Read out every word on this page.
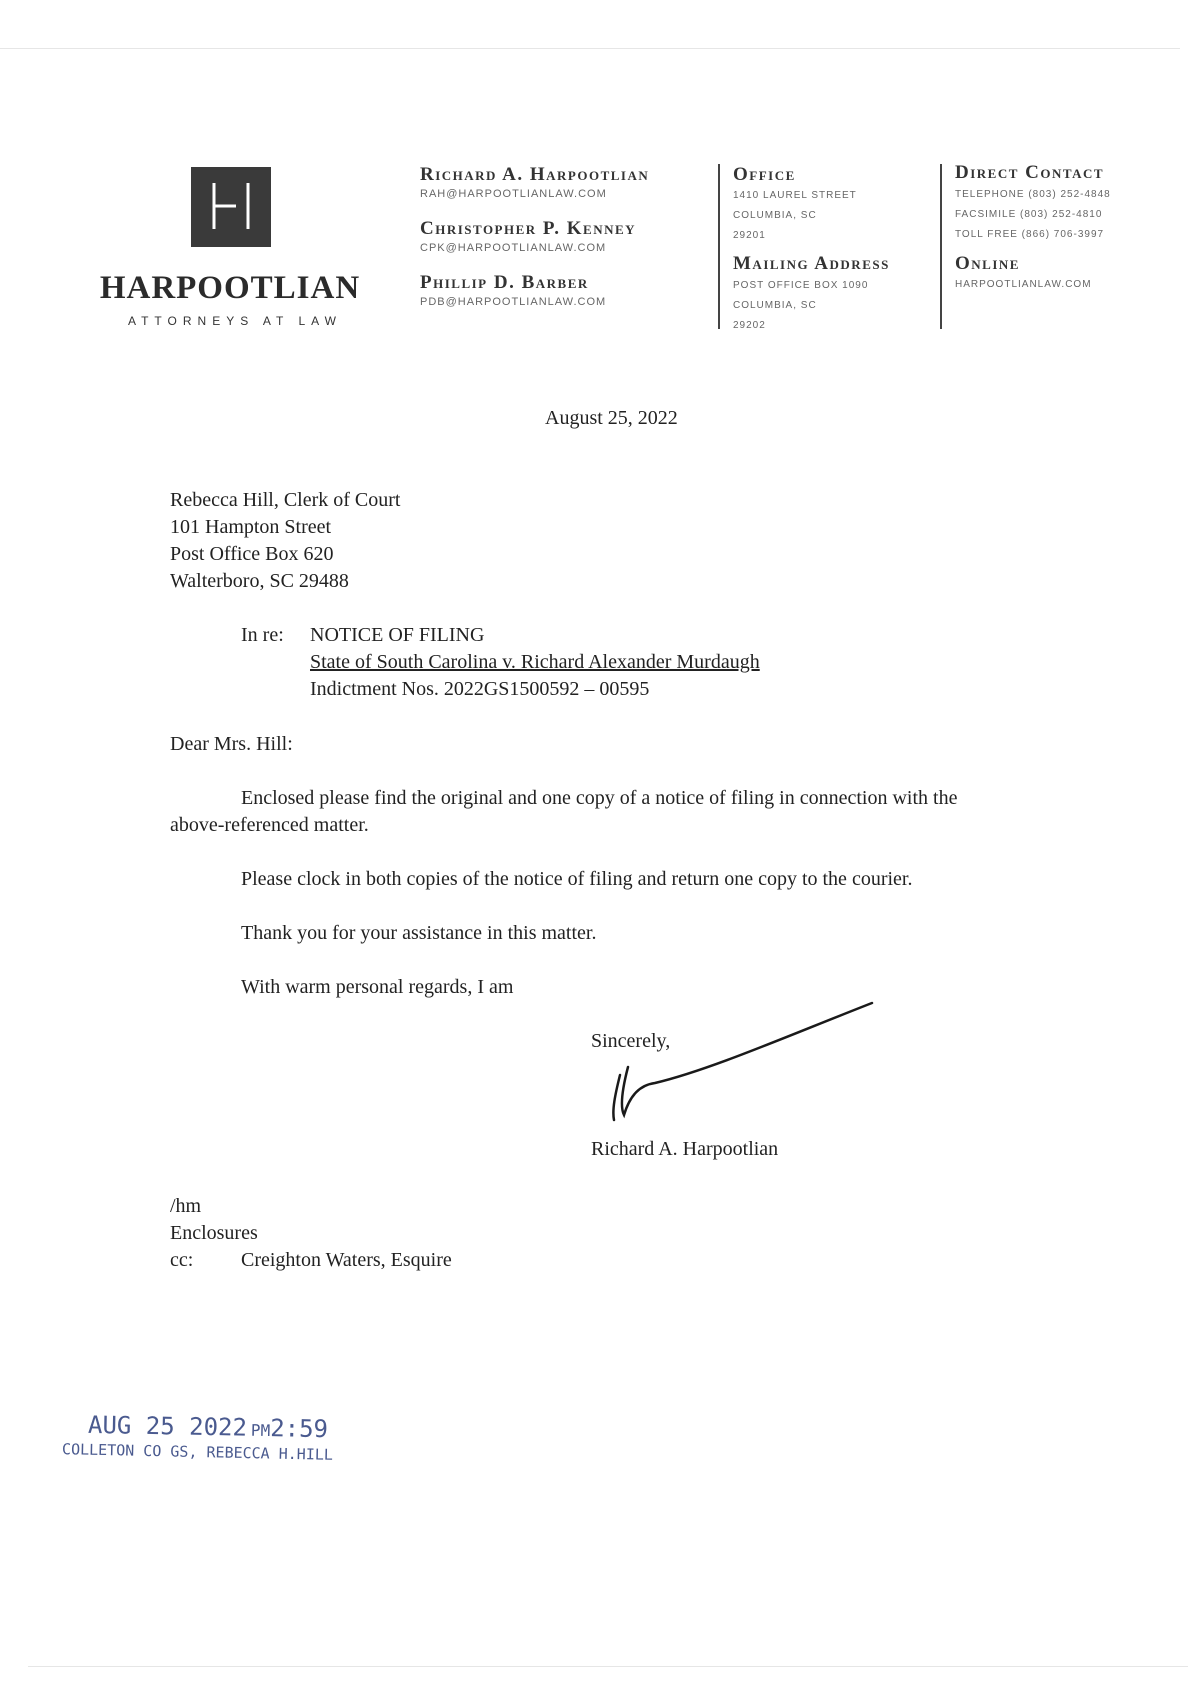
HARPOOTLIAN
ATTORNEYS AT LAW
Richard A. Harpootlian
RAH@HARPOOTLIANLAW.COM
Christopher P. Kenney
CPK@HARPOOTLIANLAW.COM
Phillip D. Barber
PDB@HARPOOTLIANLAW.COM
Office
1410 LAUREL STREET
COLUMBIA, SC
29201
Mailing Address
POST OFFICE BOX 1090
COLUMBIA, SC
29202
Direct Contact
TELEPHONE (803) 252-4848
FACSIMILE (803) 252-4810
TOLL FREE (866) 706-3997
Online
HARPOOTLIANLAW.COM
August 25, 2022
Rebecca Hill, Clerk of Court
101 Hampton Street
Post Office Box 620
Walterboro, SC 29488
In re: NOTICE OF FILING
State of South Carolina v. Richard Alexander Murdaugh
Indictment Nos. 2022GS1500592 – 00595
Dear Mrs. Hill:
Enclosed please find the original and one copy of a notice of filing in connection with the
above-referenced matter.
Please clock in both copies of the notice of filing and return one copy to the courier.
Thank you for your assistance in this matter.
With warm personal regards, I am
Sincerely,
Richard A. Harpootlian
/hm
Enclosures
cc: Creighton Waters, Esquire
AUG 25 2022 PM2:59
COLLETON CO GS, REBECCA H.HILL
